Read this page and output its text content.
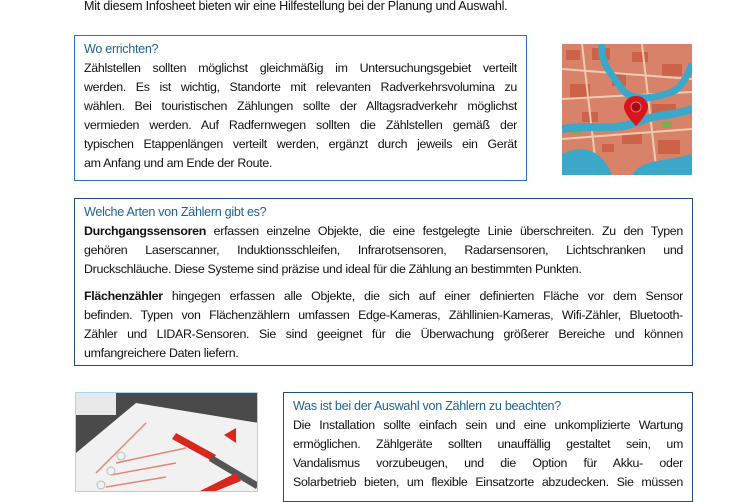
Mit diesem Infosheet bieten wir eine Hilfestellung bei der Planung und Auswahl.
Wo errichten?
Zählstellen sollten möglichst gleichmäßig im Untersuchungsgebiet verteilt
werden. Es ist wichtig, Standorte mit relevanten Radverkehrsvolumina zu
wählen. Bei touristischen Zählungen sollte der Alltagsradverkehr möglichst
vermieden werden. Auf Radfernwegen sollten die Zählstellen gemäß der
typischen Etappenlängen verteilt werden, ergänzt durch jeweils ein Gerät
am Anfang und am Ende der Route.
Welche Arten von Zählern gibt es?
Durchgangssensoren erfassen einzelne Objekte, die eine festgelegte Linie überschreiten. Zu den Typen
gehören Laserscanner, Induktionsschleifen, Infrarotsensoren, Radarsensoren, Lichtschranken und
Druckschläuche. Diese Systeme sind präzise und ideal für die Zählung an bestimmten Punkten.
Flächenzähler hingegen erfassen alle Objekte, die sich auf einer definierten Fläche vor dem Sensor
befinden. Typen von Flächenzählern umfassen Edge-Kameras, Zähllinien-Kameras, Wifi-Zähler, Bluetooth-
Zähler und LIDAR-Sensoren. Sie sind geeignet für die Überwachung größerer Bereiche und können
umfangreichere Daten liefern.
Was ist bei der Auswahl von Zählern zu beachten?
Die Installation sollte einfach sein und eine unkomplizierte Wartung
ermöglichen. Zählgeräte sollten unauffällig gestaltet sein, um
Vandalismus vorzubeugen, und die Option für Akku- oder
Solarbetrieb bieten, um flexible Einsatzorte abzudecken. Sie müssen
